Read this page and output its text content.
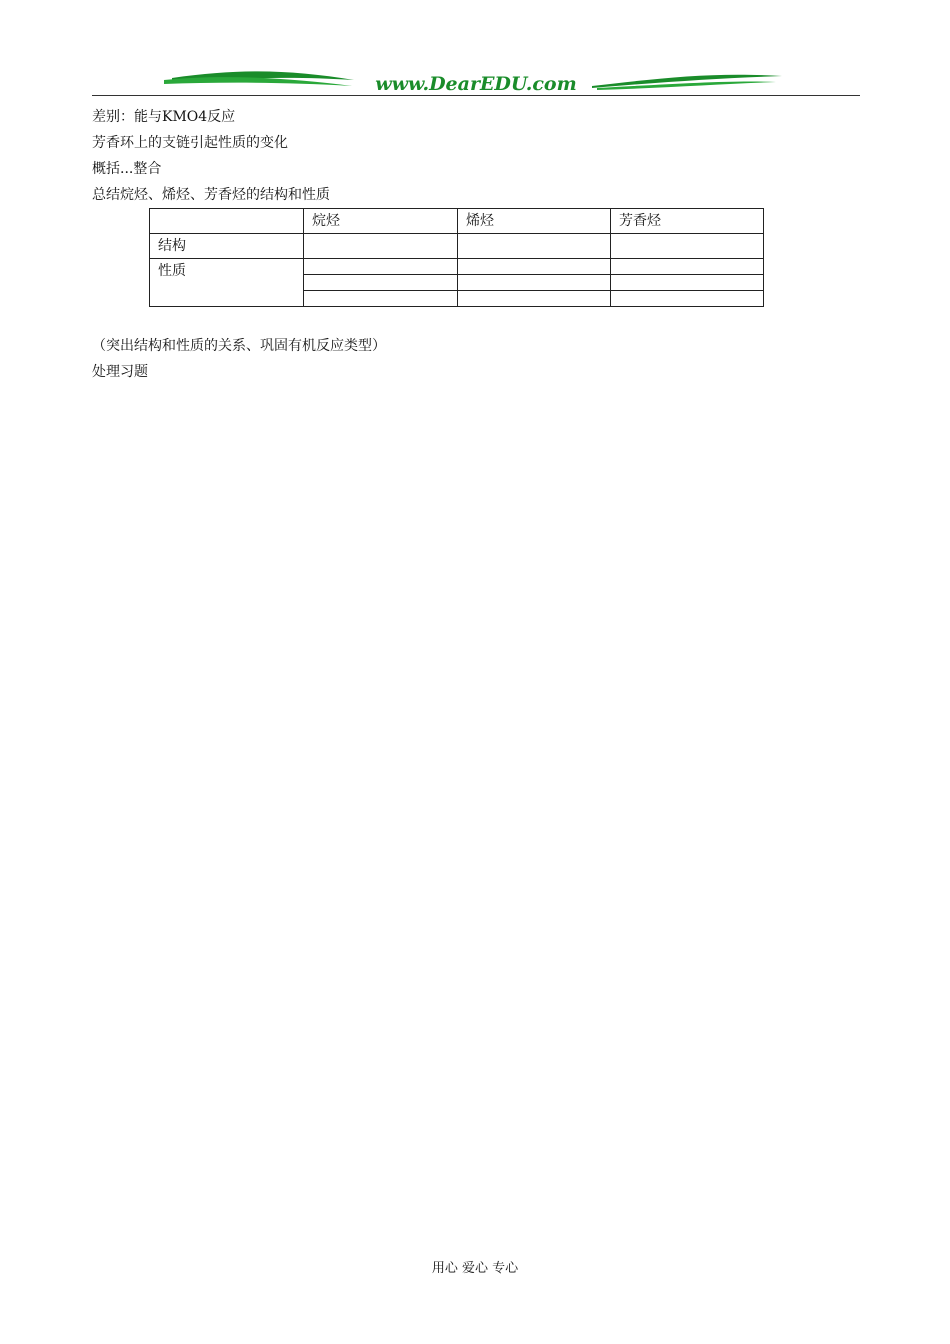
www.DearEDU.com
差别：能与KMO4反应
芳香环上的支链引起性质的变化
概括...整合
总结烷烃、烯烃、芳香烃的结构和性质
	烷烃	烯烃	芳香烃
结构			
性质			

（突出结构和性质的关系、巩固有机反应类型）
处理习题
用心 爱心 专心
